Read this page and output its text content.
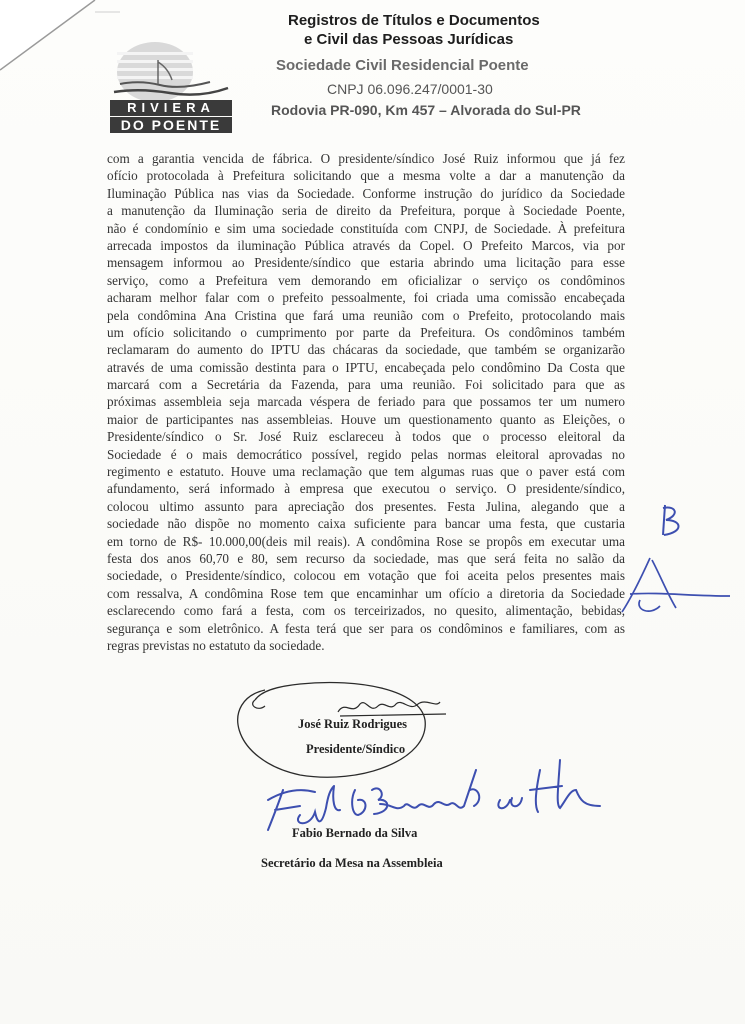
RIVIERA
DO POENTE
Registros de Títulos e Documentos
e Civil das Pessoas Jurídicas
Sociedade Civil Residencial Poente
CNPJ 06.096.247/0001-30
Rodovia PR-090, Km 457 – Alvorada do Sul-PR
com a garantia vencida de fábrica. O presidente/síndico José Ruiz informou que já fez
ofício protocolada à Prefeitura solicitando que a mesma volte a dar a manutenção da
Iluminação Pública nas vias da Sociedade. Conforme instrução do jurídico da Sociedade
a manutenção da Iluminação seria de direito da Prefeitura, porque à Sociedade Poente,
não é condomínio e sim uma sociedade constituída com CNPJ, de Sociedade. À prefeitura
arrecada impostos da iluminação Pública através da Copel. O Prefeito Marcos, via por
mensagem informou ao Presidente/síndico que estaria abrindo uma licitação para esse
serviço, como a Prefeitura vem demorando em oficializar o serviço os condôminos
acharam melhor falar com o prefeito pessoalmente, foi criada uma comissão encabeçada
pela condômina Ana Cristina que fará uma reunião com o Prefeito, protocolando mais
um ofício solicitando o cumprimento por parte da Prefeitura. Os condôminos também
reclamaram do aumento do IPTU das chácaras da sociedade, que também se organizarão
através de uma comissão destinta para o IPTU, encabeçada pelo condômino Da Costa que
marcará com a Secretária da Fazenda, para uma reunião. Foi solicitado para que as
próximas assembleia seja marcada véspera de feriado para que possamos ter um numero
maior de participantes nas assembleias. Houve um questionamento quanto as Eleições, o
Presidente/síndico o Sr. José Ruiz esclareceu à todos que o processo eleitoral da
Sociedade é o mais democrático possível, regido pelas normas eleitoral aprovadas no
regimento e estatuto. Houve uma reclamação que tem algumas ruas que o paver está com
afundamento, será informado à empresa que executou o serviço. O presidente/síndico,
colocou ultimo assunto para apreciação dos presentes. Festa Julina, alegando que a
sociedade não dispõe no momento caixa suficiente para bancar uma festa, que custaria
em torno de R$- 10.000,00(deis mil reais). A condômina Rose se propôs em executar uma
festa dos anos 60,70 e 80, sem recurso da sociedade, mas que será feita no salão da
sociedade, o Presidente/síndico, colocou em votação que foi aceita pelos presentes mais
com ressalva, A condômina Rose tem que encaminhar um ofício a diretoria da Sociedade
esclarecendo como fará a festa, com os terceirizados, no quesito, alimentação, bebidas,
segurança e som eletrônico. A festa terá que ser para os condôminos e familiares, com as
regras previstas no estatuto da sociedade.
José Ruiz Rodrigues
Presidente/Síndico
Fabio Bernado da Silva
Secretário da Mesa na Assembleia
